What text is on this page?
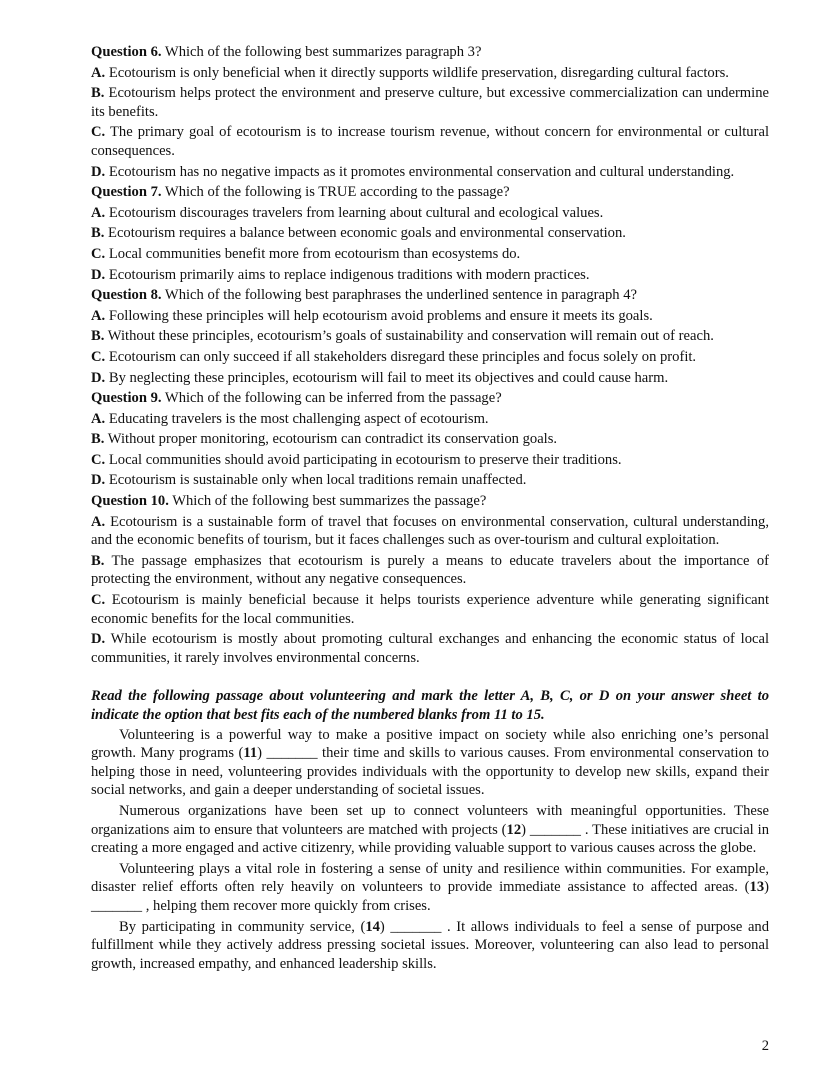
Question 6. Which of the following best summarizes paragraph 3?
A. Ecotourism is only beneficial when it directly supports wildlife preservation, disregarding cultural factors.
B. Ecotourism helps protect the environment and preserve culture, but excessive commercialization can undermine its benefits.
C. The primary goal of ecotourism is to increase tourism revenue, without concern for environmental or cultural consequences.
D. Ecotourism has no negative impacts as it promotes environmental conservation and cultural understanding.
Question 7. Which of the following is TRUE according to the passage?
A. Ecotourism discourages travelers from learning about cultural and ecological values.
B. Ecotourism requires a balance between economic goals and environmental conservation.
C. Local communities benefit more from ecotourism than ecosystems do.
D. Ecotourism primarily aims to replace indigenous traditions with modern practices.
Question 8. Which of the following best paraphrases the underlined sentence in paragraph 4?
A. Following these principles will help ecotourism avoid problems and ensure it meets its goals.
B. Without these principles, ecotourism’s goals of sustainability and conservation will remain out of reach.
C. Ecotourism can only succeed if all stakeholders disregard these principles and focus solely on profit.
D. By neglecting these principles, ecotourism will fail to meet its objectives and could cause harm.
Question 9. Which of the following can be inferred from the passage?
A. Educating travelers is the most challenging aspect of ecotourism.
B. Without proper monitoring, ecotourism can contradict its conservation goals.
C. Local communities should avoid participating in ecotourism to preserve their traditions.
D. Ecotourism is sustainable only when local traditions remain unaffected.
Question 10. Which of the following best summarizes the passage?
A. Ecotourism is a sustainable form of travel that focuses on environmental conservation, cultural understanding, and the economic benefits of tourism, but it faces challenges such as over-tourism and cultural exploitation.
B. The passage emphasizes that ecotourism is purely a means to educate travelers about the importance of protecting the environment, without any negative consequences.
C. Ecotourism is mainly beneficial because it helps tourists experience adventure while generating significant economic benefits for the local communities.
D. While ecotourism is mostly about promoting cultural exchanges and enhancing the economic status of local communities, it rarely involves environmental concerns.
Read the following passage about volunteering and mark the letter A, B, C, or D on your answer sheet to indicate the option that best fits each of the numbered blanks from 11 to 15.
Volunteering is a powerful way to make a positive impact on society while also enriching one’s personal growth. Many programs (11) _______ their time and skills to various causes. From environmental conservation to helping those in need, volunteering provides individuals with the opportunity to develop new skills, expand their social networks, and gain a deeper understanding of societal issues.
Numerous organizations have been set up to connect volunteers with meaningful opportunities. These organizations aim to ensure that volunteers are matched with projects (12) _______ . These initiatives are crucial in creating a more engaged and active citizenry, while providing valuable support to various causes across the globe.
Volunteering plays a vital role in fostering a sense of unity and resilience within communities. For example, disaster relief efforts often rely heavily on volunteers to provide immediate assistance to affected areas. (13) _______ , helping them recover more quickly from crises.
By participating in community service, (14) _______ . It allows individuals to feel a sense of purpose and fulfillment while they actively address pressing societal issues. Moreover, volunteering can also lead to personal growth, increased empathy, and enhanced leadership skills.
2
